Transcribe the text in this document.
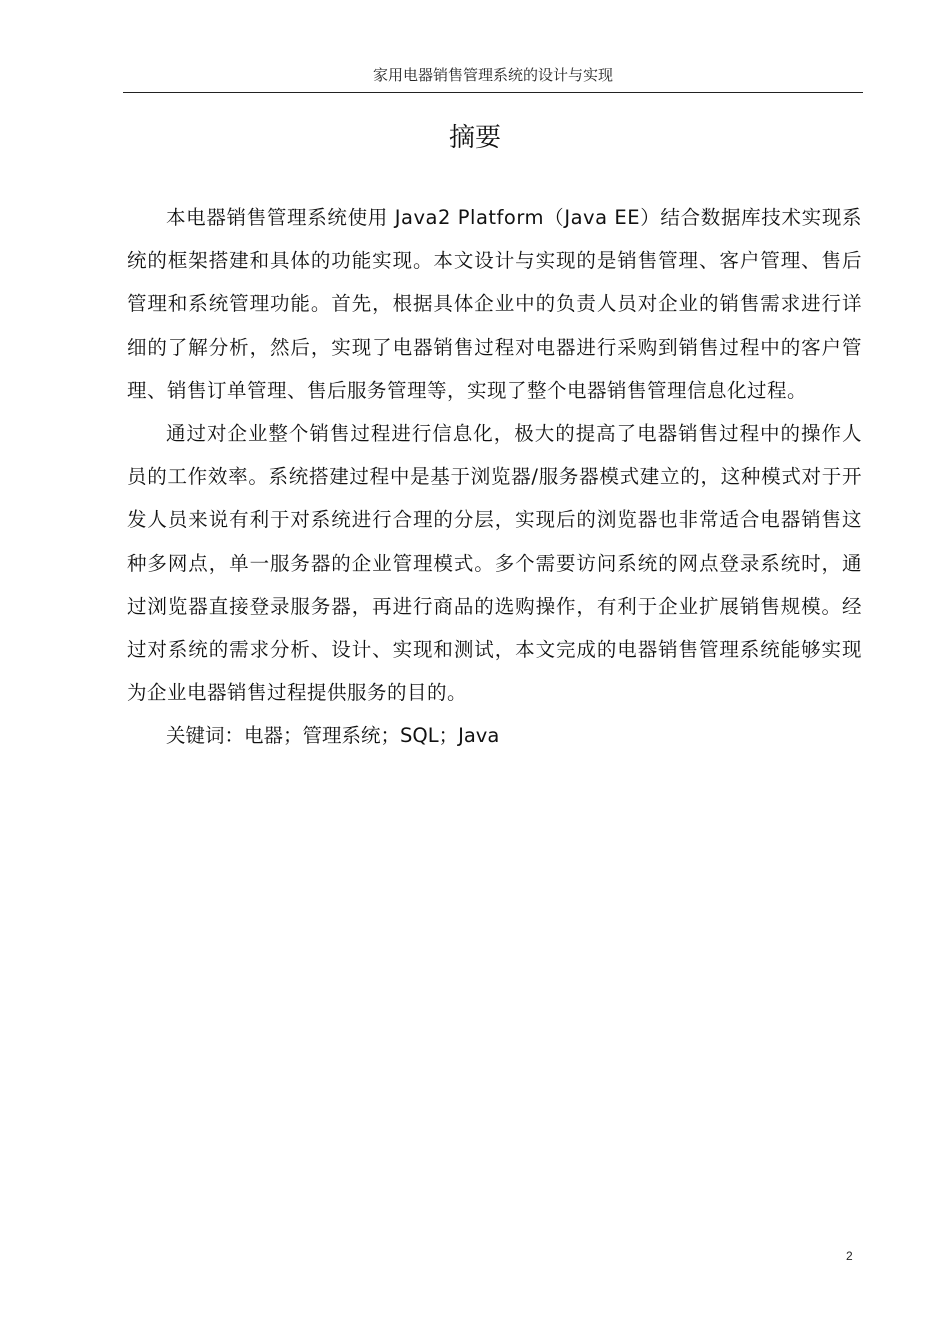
家用电器销售管理系统的设计与实现
摘要

本电器销售管理系统使用 Java2 Platform（Java EE）结合数据库技术实现系统的框架搭建和具体的功能实现。本文设计与实现的是销售管理、客户管理、售后管理和系统管理功能。首先，根据具体企业中的负责人员对企业的销售需求进行详细的了解分析，然后，实现了电器销售过程对电器进行采购到销售过程中的客户管理、销售订单管理、售后服务管理等，实现了整个电器销售管理信息化过程。

通过对企业整个销售过程进行信息化，极大的提高了电器销售过程中的操作人员的工作效率。系统搭建过程中是基于浏览器/服务器模式建立的，这种模式对于开发人员来说有利于对系统进行合理的分层，实现后的浏览器也非常适合电器销售这种多网点，单一服务器的企业管理模式。多个需要访问系统的网点登录系统时，通过浏览器直接登录服务器，再进行商品的选购操作，有利于企业扩展销售规模。经过对系统的需求分析、设计、实现和测试，本文完成的电器销售管理系统能够实现为企业电器销售过程提供服务的目的。

关键词：电器；管理系统；SQL；Java

2
